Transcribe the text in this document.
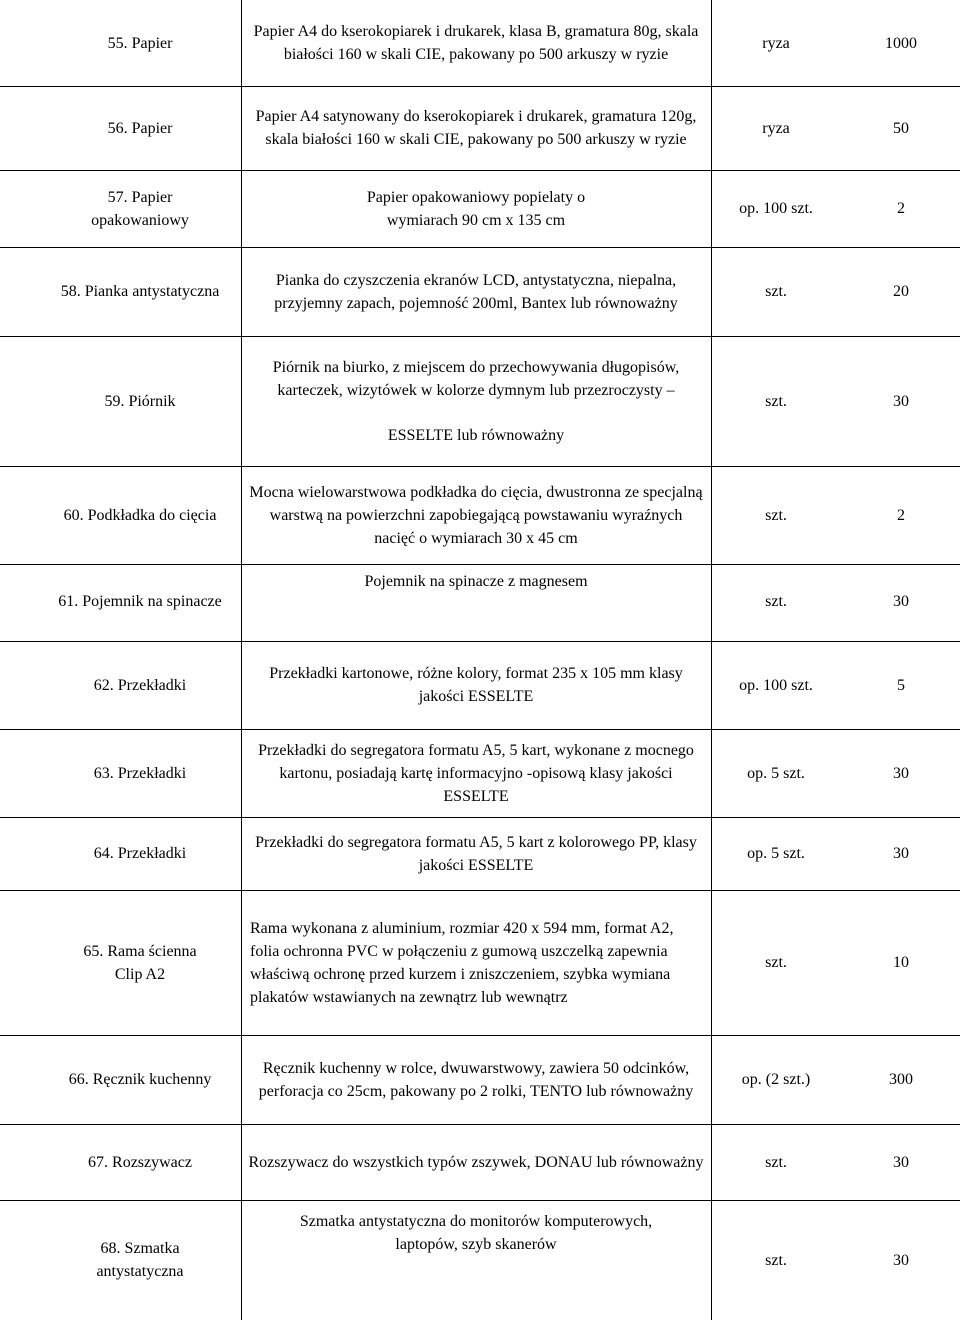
55. Papier
Papier A4 do kserokopiarek i drukarek, klasa B, gramatura 80g, skala białości 160 w skali CIE, pakowany po 500 arkuszy w ryzie
ryza	1000
56. Papier
Papier A4 satynowany do kserokopiarek i drukarek, gramatura 120g, skala białości 160 w skali CIE, pakowany po 500 arkuszy w ryzie
ryza	50
57. Papier opakowaniowy
Papier opakowaniowy popielaty o wymiarach 90 cm x 135 cm
op. 100 szt.	2
58. Pianka antystatyczna
Pianka do czyszczenia ekranów LCD, antystatyczna, niepalna, przyjemny zapach, pojemność 200ml, Bantex lub równoważny
szt.	20
59. Piórnik
Piórnik na biurko, z miejscem do przechowywania długopisów, karteczek, wizytówek w kolorze dymnym lub przezroczysty –
ESSELTE lub równoważny
szt.	30
60. Podkładka do cięcia
Mocna wielowarstwowa podkładka do cięcia, dwustronna ze specjalną warstwą na powierzchni zapobiegającą powstawaniu wyraźnych nacięć o wymiarach 30 x 45 cm
szt.	2
61. Pojemnik na spinacze
Pojemnik na spinacze z magnesem
szt.	30
62. Przekładki
Przekładki kartonowe, różne kolory, format 235 x 105 mm klasy jakości ESSELTE
op. 100 szt.	5
63. Przekładki
Przekładki do segregatora formatu A5, 5 kart, wykonane z mocnego kartonu, posiadają kartę informacyjno -opisową klasy jakości ESSELTE
op. 5 szt.	30
64. Przekładki
Przekładki do segregatora formatu A5, 5 kart z kolorowego PP, klasy jakości ESSELTE
op. 5 szt.	30
65. Rama ścienna Clip A2
Rama wykonana z aluminium, rozmiar 420 x 594 mm, format A2, folia ochronna PVC w połączeniu z gumową uszczelką zapewnia właściwą ochronę przed kurzem i zniszczeniem, szybka wymiana plakatów wstawianych na zewnątrz lub wewnątrz
szt.	10
66. Ręcznik kuchenny
Ręcznik kuchenny w rolce, dwuwarstwowy, zawiera 50 odcinków, perforacja co 25cm, pakowany po 2 rolki, TENTO lub równoważny
op. (2 szt.)	300
67. Rozszywacz	Rozszywacz do wszystkich typów zszywek, DONAU lub równoważny	szt.	30
68. Szmatka antystatyczna
Szmatka antystatyczna do monitorów komputerowych, laptopów, szyb skanerów
szt.	30
